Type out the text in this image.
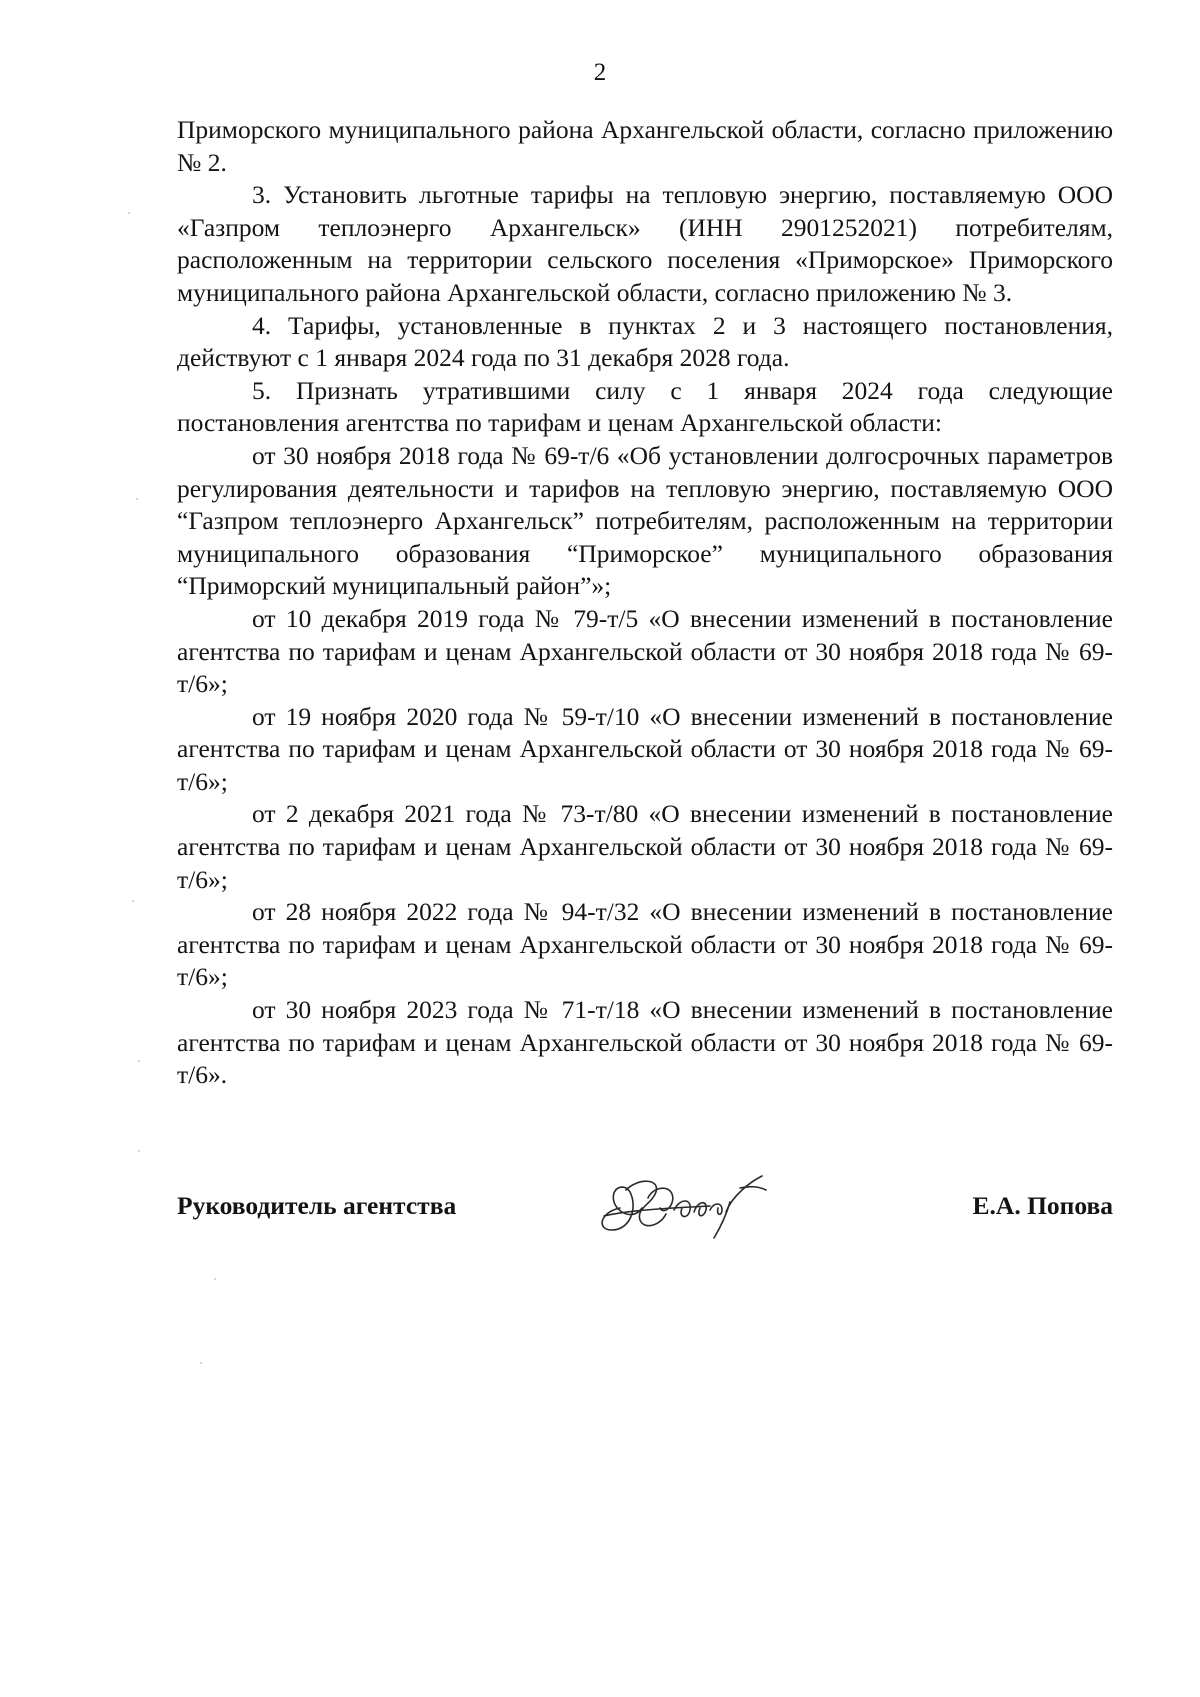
2

Приморского муниципального района Архангельской области, согласно приложению № 2.

3. Установить льготные тарифы на тепловую энергию, поставляемую ООО «Газпром теплоэнерго Архангельск» (ИНН 2901252021) потребителям, расположенным на территории сельского поселения «Приморское» Приморского муниципального района Архангельской области, согласно приложению № 3.

4. Тарифы, установленные в пунктах 2 и 3 настоящего постановления, действуют с 1 января 2024 года по 31 декабря 2028 года.

5. Признать утратившими силу с 1 января 2024 года следующие постановления агентства по тарифам и ценам Архангельской области:

от 30 ноября 2018 года № 69-т/6 «Об установлении долгосрочных параметров регулирования деятельности и тарифов на тепловую энергию, поставляемую ООО “Газпром теплоэнерго Архангельск” потребителям, расположенным на территории муниципального образования “Приморское” муниципального образования “Приморский муниципальный район”»;

от 10 декабря 2019 года № 79-т/5 «О внесении изменений в постановление агентства по тарифам и ценам Архангельской области от 30 ноября 2018 года № 69-т/6»;

от 19 ноября 2020 года № 59-т/10 «О внесении изменений в постановление агентства по тарифам и ценам Архангельской области от 30 ноября 2018 года № 69-т/6»;

от 2 декабря 2021 года № 73-т/80 «О внесении изменений в постановление агентства по тарифам и ценам Архангельской области от 30 ноября 2018 года № 69-т/6»;

от 28 ноября 2022 года № 94-т/32 «О внесении изменений в постановление агентства по тарифам и ценам Архангельской области от 30 ноября 2018 года № 69-т/6»;

от 30 ноября 2023 года № 71-т/18 «О внесении изменений в постановление агентства по тарифам и ценам Архангельской области от 30 ноября 2018 года № 69-т/6».

Руководитель агентства	Е.А. Попова
